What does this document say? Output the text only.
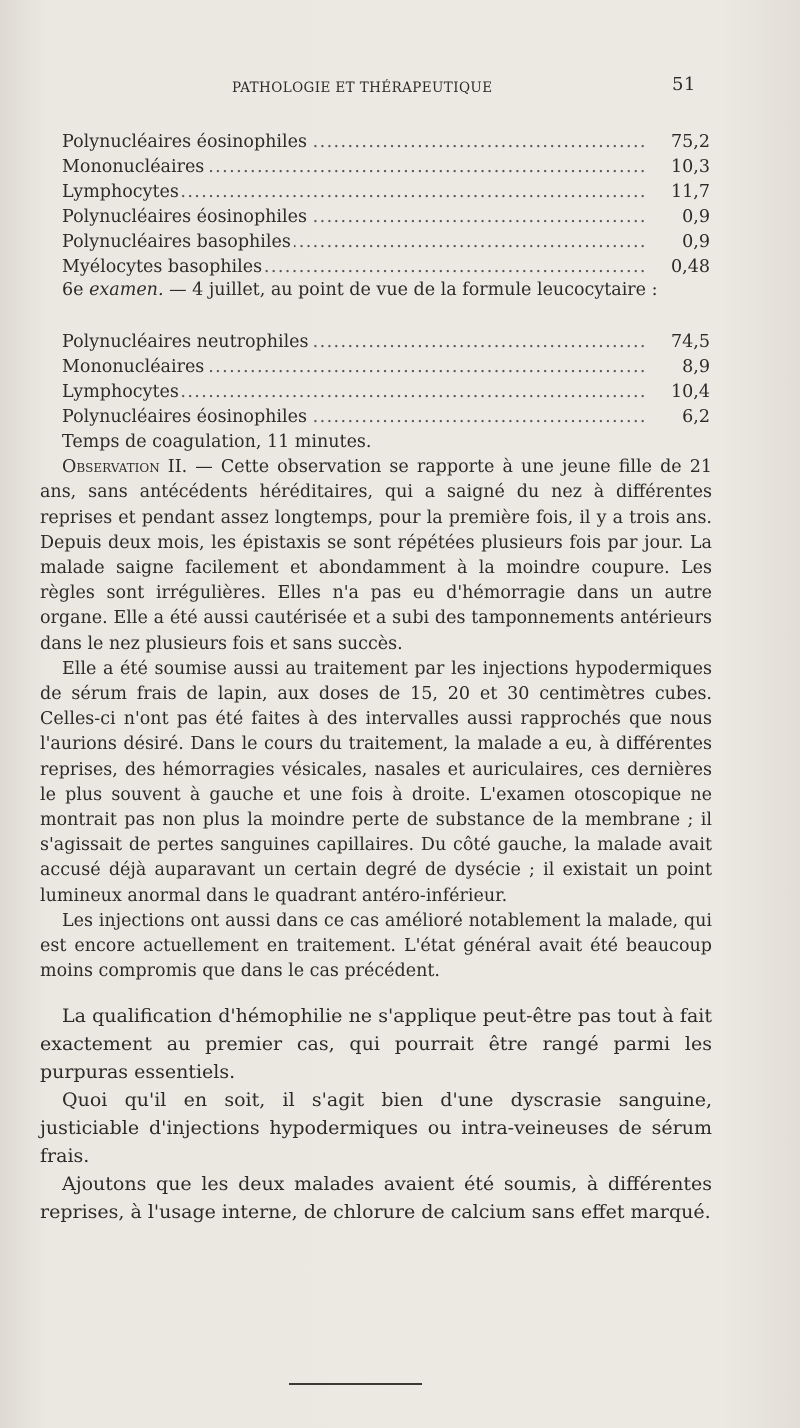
PATHOLOGIE ET THÉRAPEUTIQUE	51
.....
Polynucléaires éosinophiles	75,2
.....
Mononucléaires	10,3
.....
Lymphocytes	11,7
.....
Polynucléaires éosinophiles	0,9
.....
Polynucléaires basophiles	0,9
.....
Myélocytes basophiles	0,48

6e examen. — 4 juillet, au point de vue de la formule leucocytaire :

.....
Polynucléaires neutrophiles	74,5
.....
Mononucléaires	8,9
.....
Lymphocytes	10,4
.....
Polynucléaires éosinophiles	6,2

Temps de coagulation, 11 minutes.

Observation II. — Cette observation se rapporte à une jeune fille de 21 ans, sans antécédents héréditaires, qui a saigné du nez à différentes reprises et pendant assez longtemps, pour la première fois, il y a trois ans. Depuis deux mois, les épistaxis se sont répétées plusieurs fois par jour. La malade saigne facilement et abondamment à la moindre coupure. Les règles sont irrégulières. Elles n'a pas eu d'hémorragie dans un autre organe. Elle a été aussi cautérisée et a subi des tamponnements antérieurs dans le nez plusieurs fois et sans succès.

Elle a été soumise aussi au traitement par les injections hypodermiques de sérum frais de lapin, aux doses de 15, 20 et 30 centimètres cubes. Celles-ci n'ont pas été faites à des intervalles aussi rapprochés que nous l'aurions désiré. Dans le cours du traitement, la malade a eu, à différentes reprises, des hémorragies vésicales, nasales et auriculaires, ces dernières le plus souvent à gauche et une fois à droite. L'examen otoscopique ne montrait pas non plus la moindre perte de substance de la membrane ; il s'agissait de pertes sanguines capillaires. Du côté gauche, la malade avait accusé déjà auparavant un certain degré de dysécie ; il existait un point lumineux anormal dans le quadrant antéro-inférieur.

Les injections ont aussi dans ce cas amélioré notablement la malade, qui est encore actuellement en traitement. L'état général avait été beaucoup moins compromis que dans le cas précédent.

La qualification d'hémophilie ne s'applique peut-être pas tout à fait exactement au premier cas, qui pourrait être rangé parmi les purpuras essentiels.

Quoi qu'il en soit, il s'agit bien d'une dyscrasie sanguine, justiciable d'injections hypodermiques ou intra-veineuses de sérum frais.

Ajoutons que les deux malades avaient été soumis, à différentes reprises, à l'usage interne, de chlorure de calcium sans effet marqué.
